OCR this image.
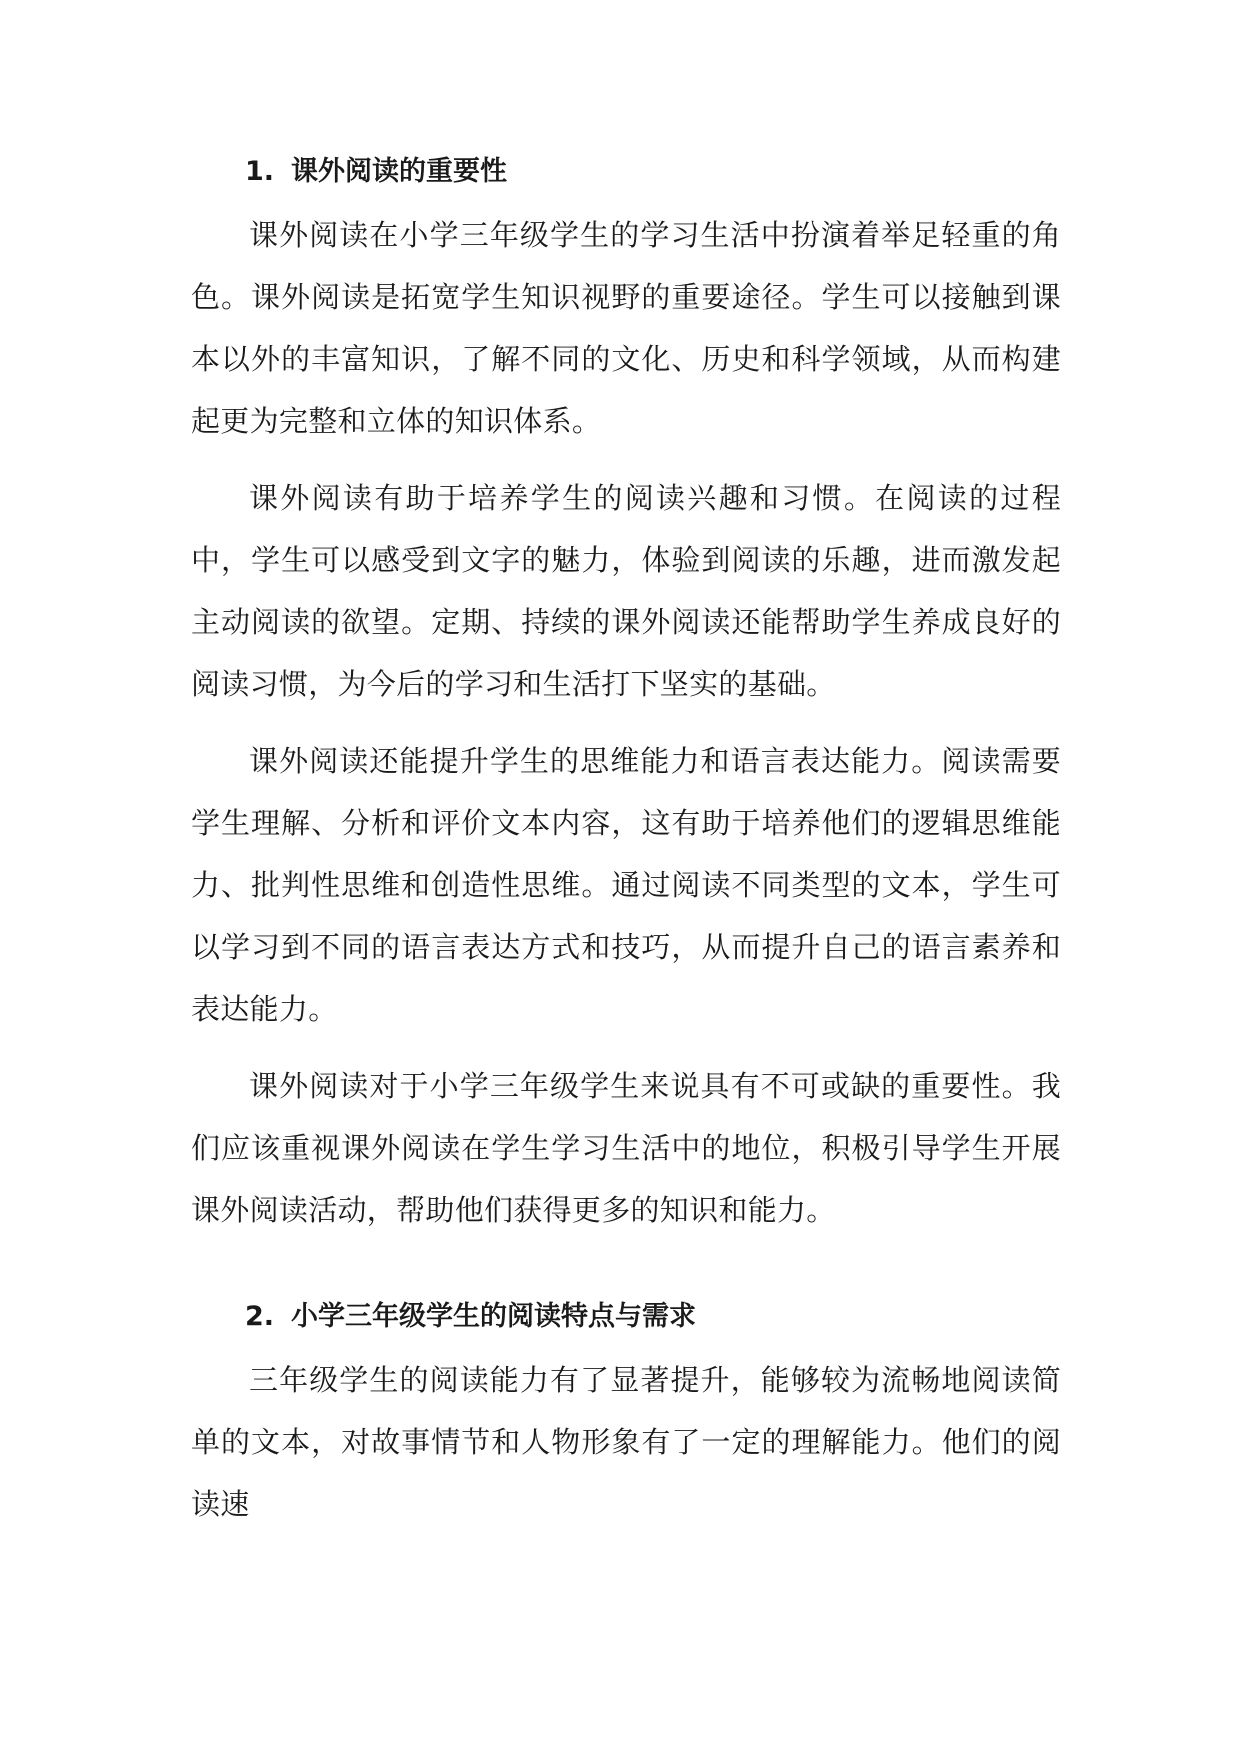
1. 课外阅读的重要性

课外阅读在小学三年级学生的学习生活中扮演着举足轻重的角色。课外阅读是拓宽学生知识视野的重要途径。学生可以接触到课本以外的丰富知识，了解不同的文化、历史和科学领域，从而构建起更为完整和立体的知识体系。

课外阅读有助于培养学生的阅读兴趣和习惯。在阅读的过程中，学生可以感受到文字的魅力，体验到阅读的乐趣，进而激发起主动阅读的欲望。定期、持续的课外阅读还能帮助学生养成良好的阅读习惯，为今后的学习和生活打下坚实的基础。

课外阅读还能提升学生的思维能力和语言表达能力。阅读需要学生理解、分析和评价文本内容，这有助于培养他们的逻辑思维能力、批判性思维和创造性思维。通过阅读不同类型的文本，学生可以学习到不同的语言表达方式和技巧，从而提升自己的语言素养和表达能力。

课外阅读对于小学三年级学生来说具有不可或缺的重要性。我们应该重视课外阅读在学生学习生活中的地位，积极引导学生开展课外阅读活动，帮助他们获得更多的知识和能力。

2. 小学三年级学生的阅读特点与需求

三年级学生的阅读能力有了显著提升，能够较为流畅地阅读简单的文本，对故事情节和人物形象有了一定的理解能力。他们的阅读速
